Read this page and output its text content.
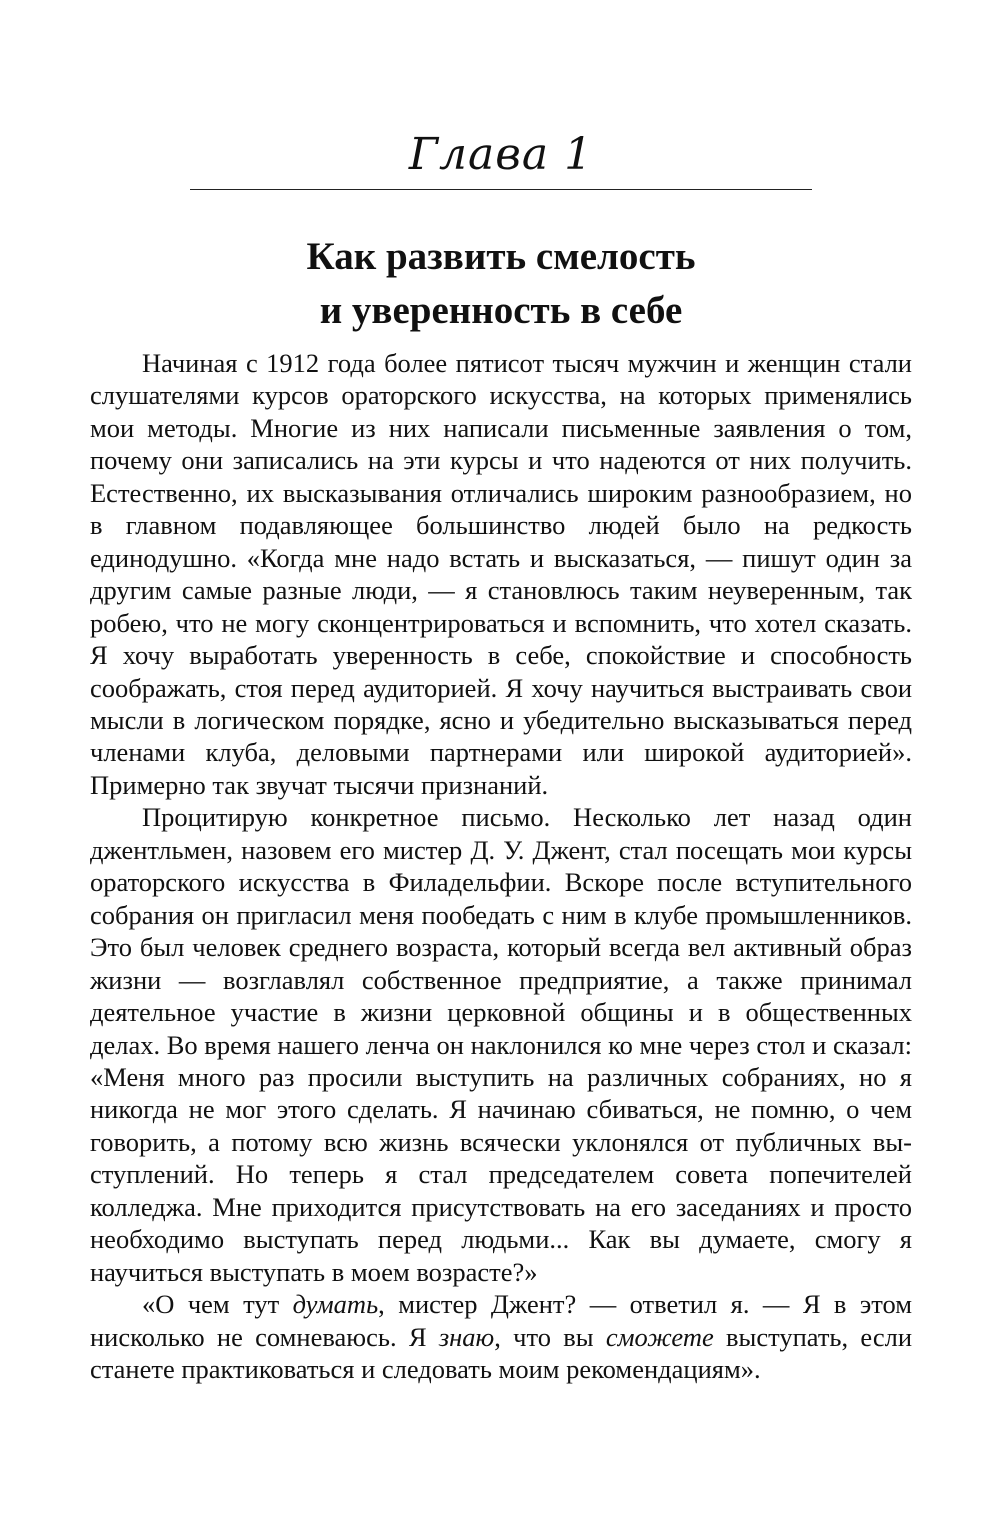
Глава 1
Как развить смелость
и уверенность в себе

Начиная с 1912 года более пятисот тысяч мужчин и женщин стали слушателями курсов ораторского искусства, на которых применялись мои методы. Многие из них написали письменные заявления о том, почему они записались на эти курсы и что надеются от них получить. Естественно, их высказывания отличались широким разнообразием, но в главном подавляющее большинство людей было на редкость единодушно. «Когда мне надо встать и высказаться, — пишут один за другим самые разные люди, — я становлюсь таким неуверенным, так робею, что не могу сконцентрироваться и вспомнить, что хотел сказать. Я хочу выработать уверенность в себе, спокойствие и способность соображать, стоя перед аудиторией. Я хочу научиться выстраивать свои мысли в логическом порядке, ясно и убедительно высказываться перед членами клуба, деловыми партнерами или широкой аудиторией». Примерно так звучат тысячи признаний.

Процитирую конкретное письмо. Несколько лет назад один джентльмен, назовем его мистер Д. У. Джент, стал посещать мои курсы ораторского искусства в Филадельфии. Вскоре после вступительного собрания он пригласил меня пообедать с ним в клубе промышленников. Это был человек среднего возраста, который всегда вел активный образ жизни — возглавлял собственное предприятие, а также принимал деятельное участие в жизни церковной общины и в общественных делах. Во время нашего ленча он наклонился ко мне через стол и сказал: «Меня много раз просили выступить на различных собраниях, но я никогда не мог этого сделать. Я начинаю сбиваться, не помню, о чем говорить, а потому всю жизнь всячески уклонялся от публичных выступлений. Но теперь я стал председателем совета попечителей колледжа. Мне приходится присутствовать на его заседаниях и просто необходимо выступать перед людьми... Как вы думаете, смогу я научиться выступать в моем возрасте?»

«О чем тут думать, мистер Джент? — ответил я. — Я в этом нисколько не сомневаюсь. Я знаю, что вы сможете выступать, если станете практиковаться и следовать моим рекомендациям».
